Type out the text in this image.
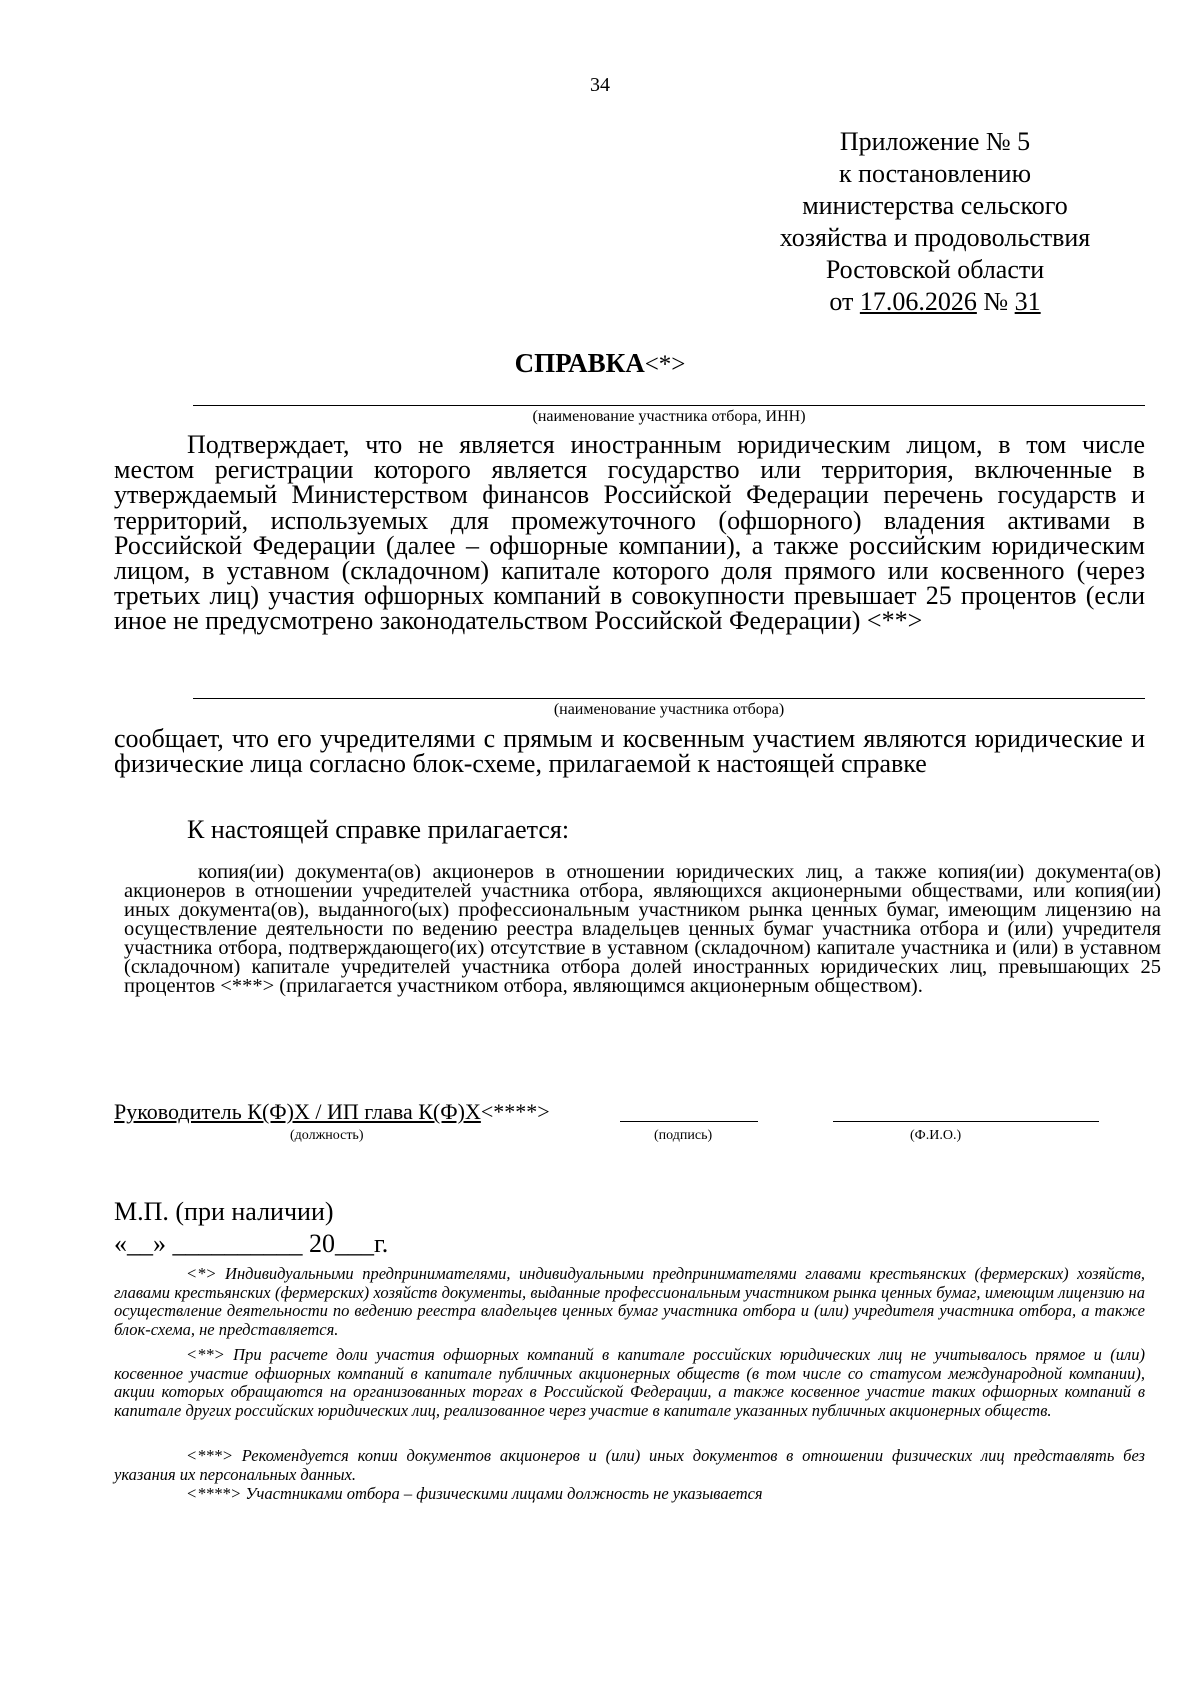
34
Приложение № 5
к постановлению
министерства сельского
хозяйства и продовольствия
Ростовской области
от 17.06.2026 № 31
СПРАВКА<*>
(наименование участника отбора, ИНН)

Подтверждает, что не является иностранным юридическим лицом, в том числе местом регистрации которого является государство или территория, включенные в утверждаемый Министерством финансов Российской Федерации перечень государств и территорий, используемых для промежуточного (офшорного) владения активами в Российской Федерации (далее – офшорные компании), а также российским юридическим лицом, в уставном (складочном) капитале которого доля прямого или косвенного (через третьих лиц) участия офшорных компаний в совокупности превышает 25 процентов (если иное не предусмотрено законодательством Российской Федерации) <**>

(наименование участника отбора)

сообщает, что его учредителями с прямым и косвенным участием являются юридические и физические лица согласно блок-схеме, прилагаемой к настоящей справке

К настоящей справке прилагается:

копия(ии) документа(ов) акционеров в отношении юридических лиц, а также копия(ии) документа(ов) акционеров в отношении учредителей участника отбора, являющихся акционерными обществами, или копия(ии) иных документа(ов), выданного(ых) профессиональным участником рынка ценных бумаг, имеющим лицензию на осуществление деятельности по ведению реестра владельцев ценных бумаг участника отбора и (или) учредителя участника отбора, подтверждающего(их) отсутствие в уставном (складочном) капитале участника и (или) в уставном (складочном) капитале учредителей участника отбора долей иностранных юридических лиц, превышающих 25 процентов <***> (прилагается участником отбора, являющимся акционерным обществом).

Руководитель К(Ф)Х / ИП глава К(Ф)Х<****>
(должность)	(подпись)	(Ф.И.О.)
М.П. (при наличии)
«__» __________ 20___г.

<*> Индивидуальными предпринимателями, индивидуальными предпринимателями главами крестьянских (фермерских) хозяйств, главами крестьянских (фермерских) хозяйств документы, выданные профессиональным участником рынка ценных бумаг, имеющим лицензию на осуществление деятельности по ведению реестра владельцев ценных бумаг участника отбора и (или) учредителя участника отбора, а также блок-схема, не представляется.

<**> При расчете доли участия офшорных компаний в капитале российских юридических лиц не учитывалось прямое и (или) косвенное участие офшорных компаний в капитале публичных акционерных обществ (в том числе со статусом международной компании), акции которых обращаются на организованных торгах в Российской Федерации, а также косвенное участие таких офшорных компаний в капитале других российских юридических лиц, реализованное через участие в капитале указанных публичных акционерных обществ.

<***> Рекомендуется копии документов акционеров и (или) иных документов в отношении физических лиц представлять без указания их персональных данных.

<****> Участниками отбора – физическими лицами должность не указывается
